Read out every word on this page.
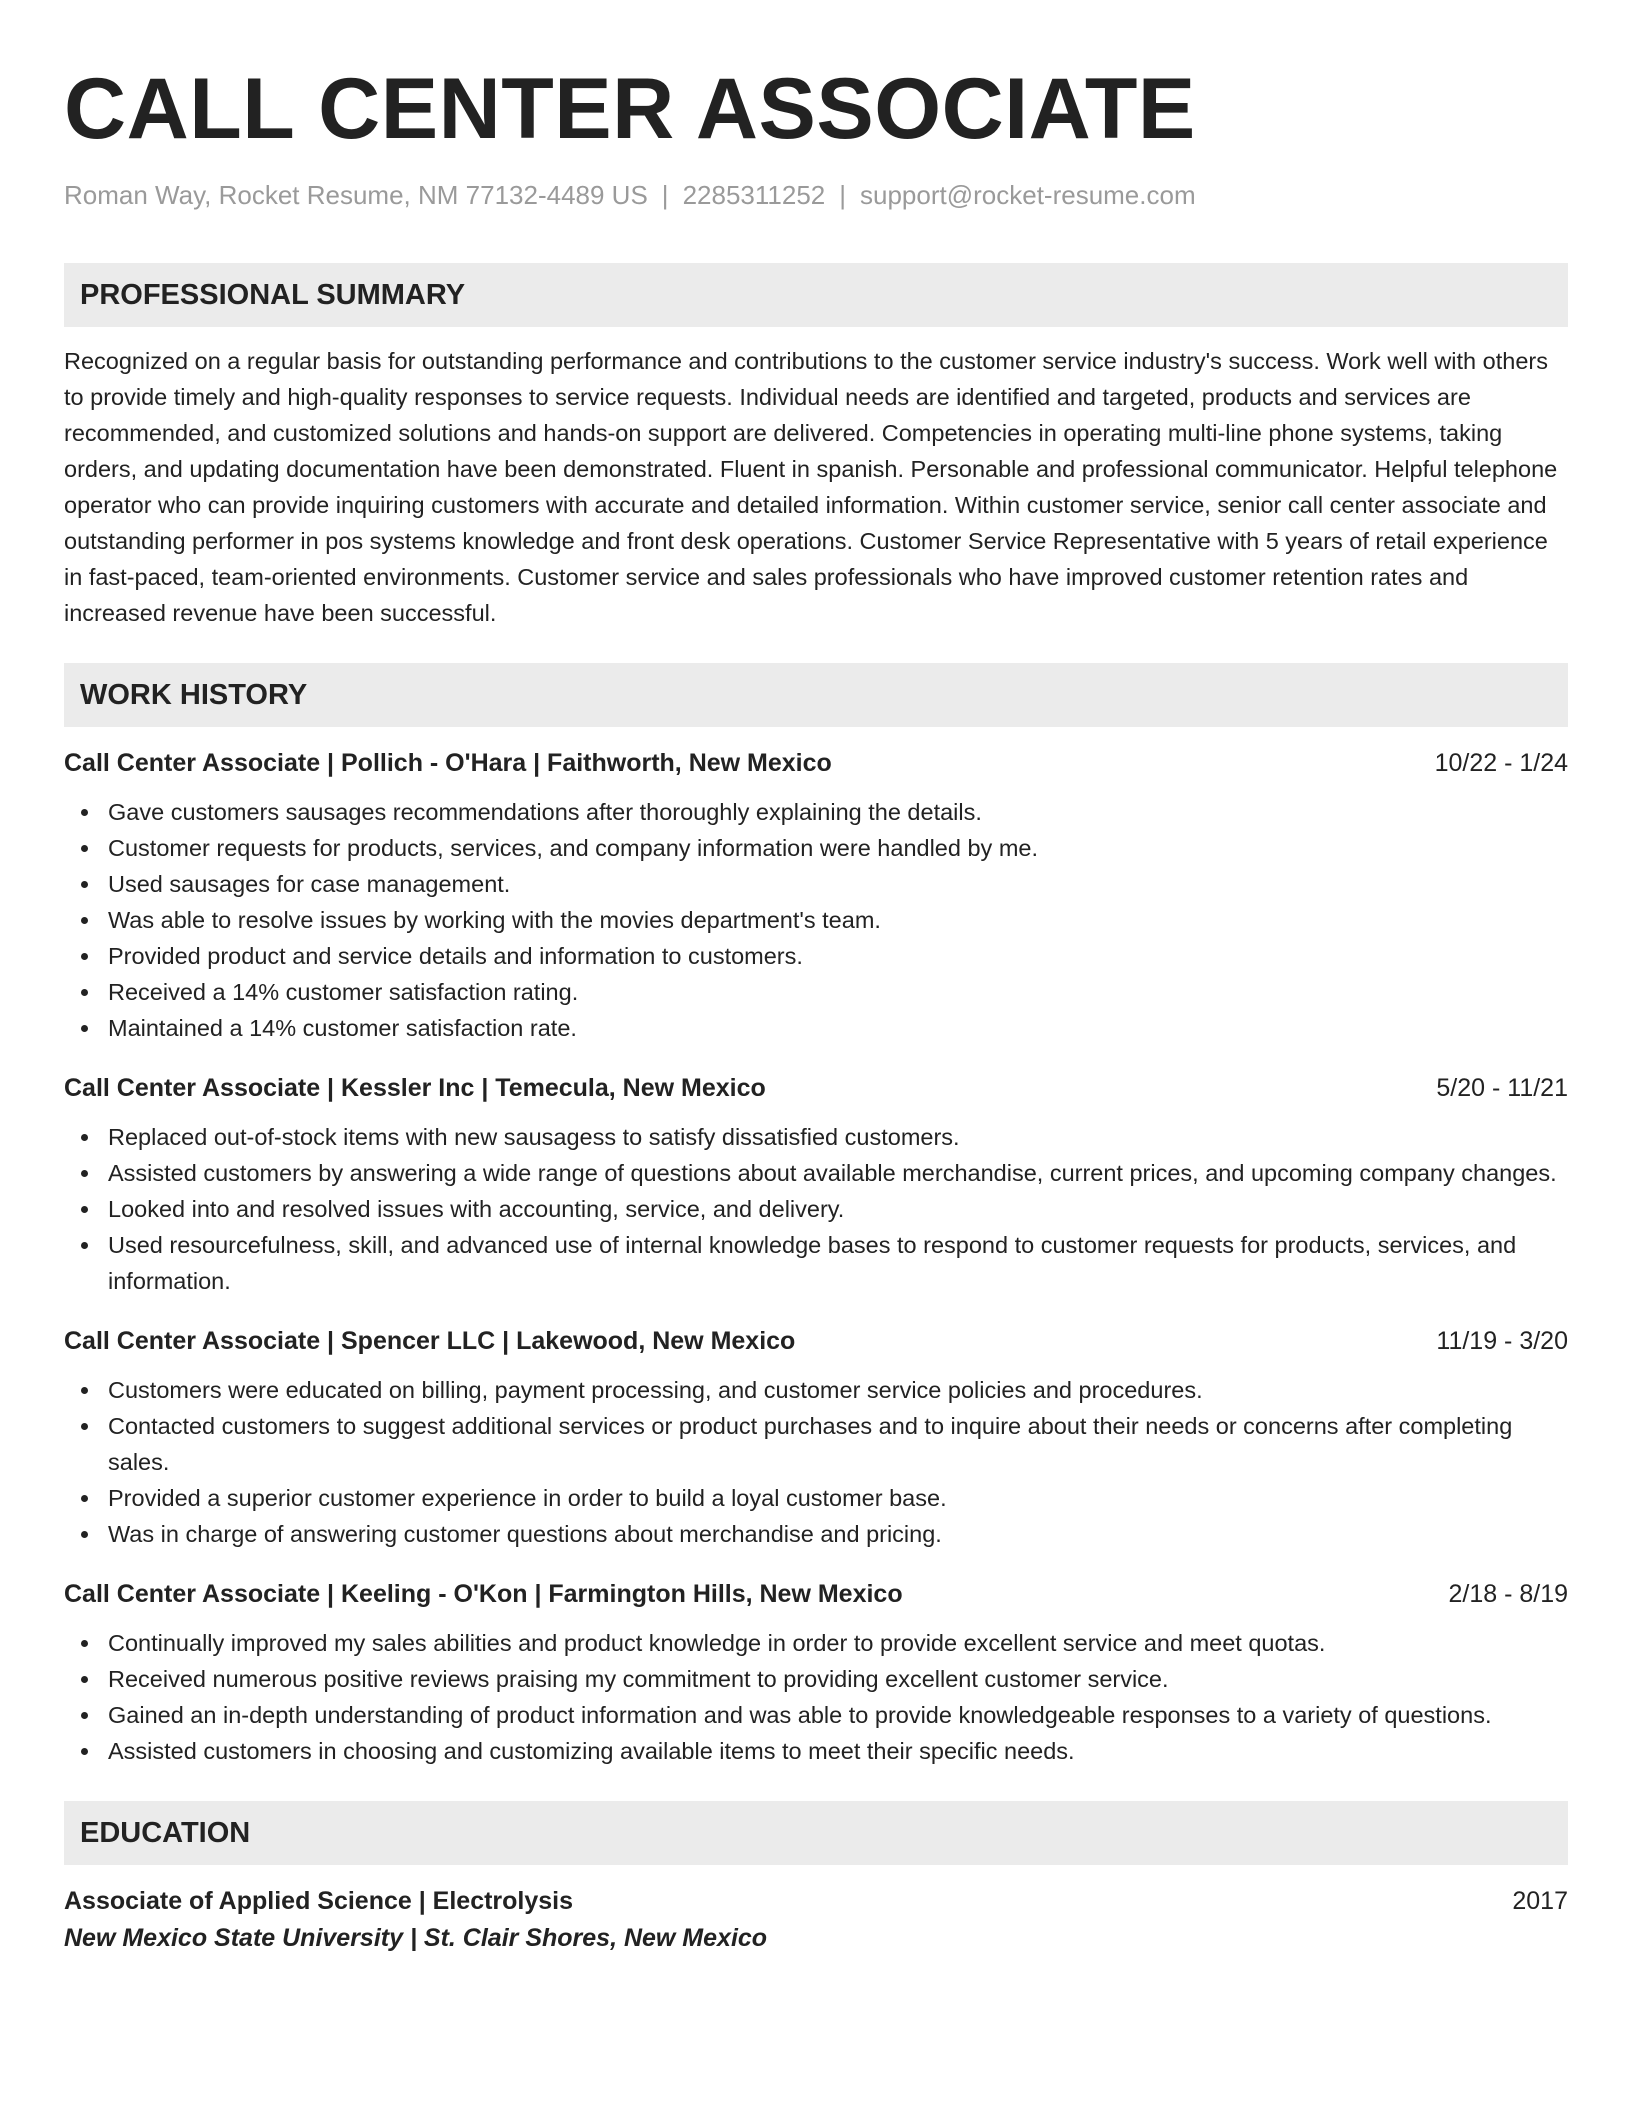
CALL CENTER ASSOCIATE
Roman Way, Rocket Resume, NM 77132-4489 US | 2285311252 | support@rocket-resume.com
PROFESSIONAL SUMMARY
Recognized on a regular basis for outstanding performance and contributions to the customer service industry's success. Work well with others to provide timely and high-quality responses to service requests. Individual needs are identified and targeted, products and services are recommended, and customized solutions and hands-on support are delivered. Competencies in operating multi-line phone systems, taking orders, and updating documentation have been demonstrated. Fluent in spanish. Personable and professional communicator. Helpful telephone operator who can provide inquiring customers with accurate and detailed information. Within customer service, senior call center associate and outstanding performer in pos systems knowledge and front desk operations. Customer Service Representative with 5 years of retail experience in fast-paced, team-oriented environments. Customer service and sales professionals who have improved customer retention rates and increased revenue have been successful.
WORK HISTORY
Call Center Associate | Pollich - O'Hara | Faithworth, New Mexico	10/22 - 1/24
Gave customers sausages recommendations after thoroughly explaining the details.
Customer requests for products, services, and company information were handled by me.
Used sausages for case management.
Was able to resolve issues by working with the movies department's team.
Provided product and service details and information to customers.
Received a 14% customer satisfaction rating.
Maintained a 14% customer satisfaction rate.
Call Center Associate | Kessler Inc | Temecula, New Mexico	5/20 - 11/21
Replaced out-of-stock items with new sausagess to satisfy dissatisfied customers.
Assisted customers by answering a wide range of questions about available merchandise, current prices, and upcoming company changes.
Looked into and resolved issues with accounting, service, and delivery.
Used resourcefulness, skill, and advanced use of internal knowledge bases to respond to customer requests for products, services, and information.
Call Center Associate | Spencer LLC | Lakewood, New Mexico	11/19 - 3/20
Customers were educated on billing, payment processing, and customer service policies and procedures.
Contacted customers to suggest additional services or product purchases and to inquire about their needs or concerns after completing sales.
Provided a superior customer experience in order to build a loyal customer base.
Was in charge of answering customer questions about merchandise and pricing.
Call Center Associate | Keeling - O'Kon | Farmington Hills, New Mexico	2/18 - 8/19
Continually improved my sales abilities and product knowledge in order to provide excellent service and meet quotas.
Received numerous positive reviews praising my commitment to providing excellent customer service.
Gained an in-depth understanding of product information and was able to provide knowledgeable responses to a variety of questions.
Assisted customers in choosing and customizing available items to meet their specific needs.
EDUCATION
Associate of Applied Science | Electrolysis	2017
New Mexico State University | St. Clair Shores, New Mexico
